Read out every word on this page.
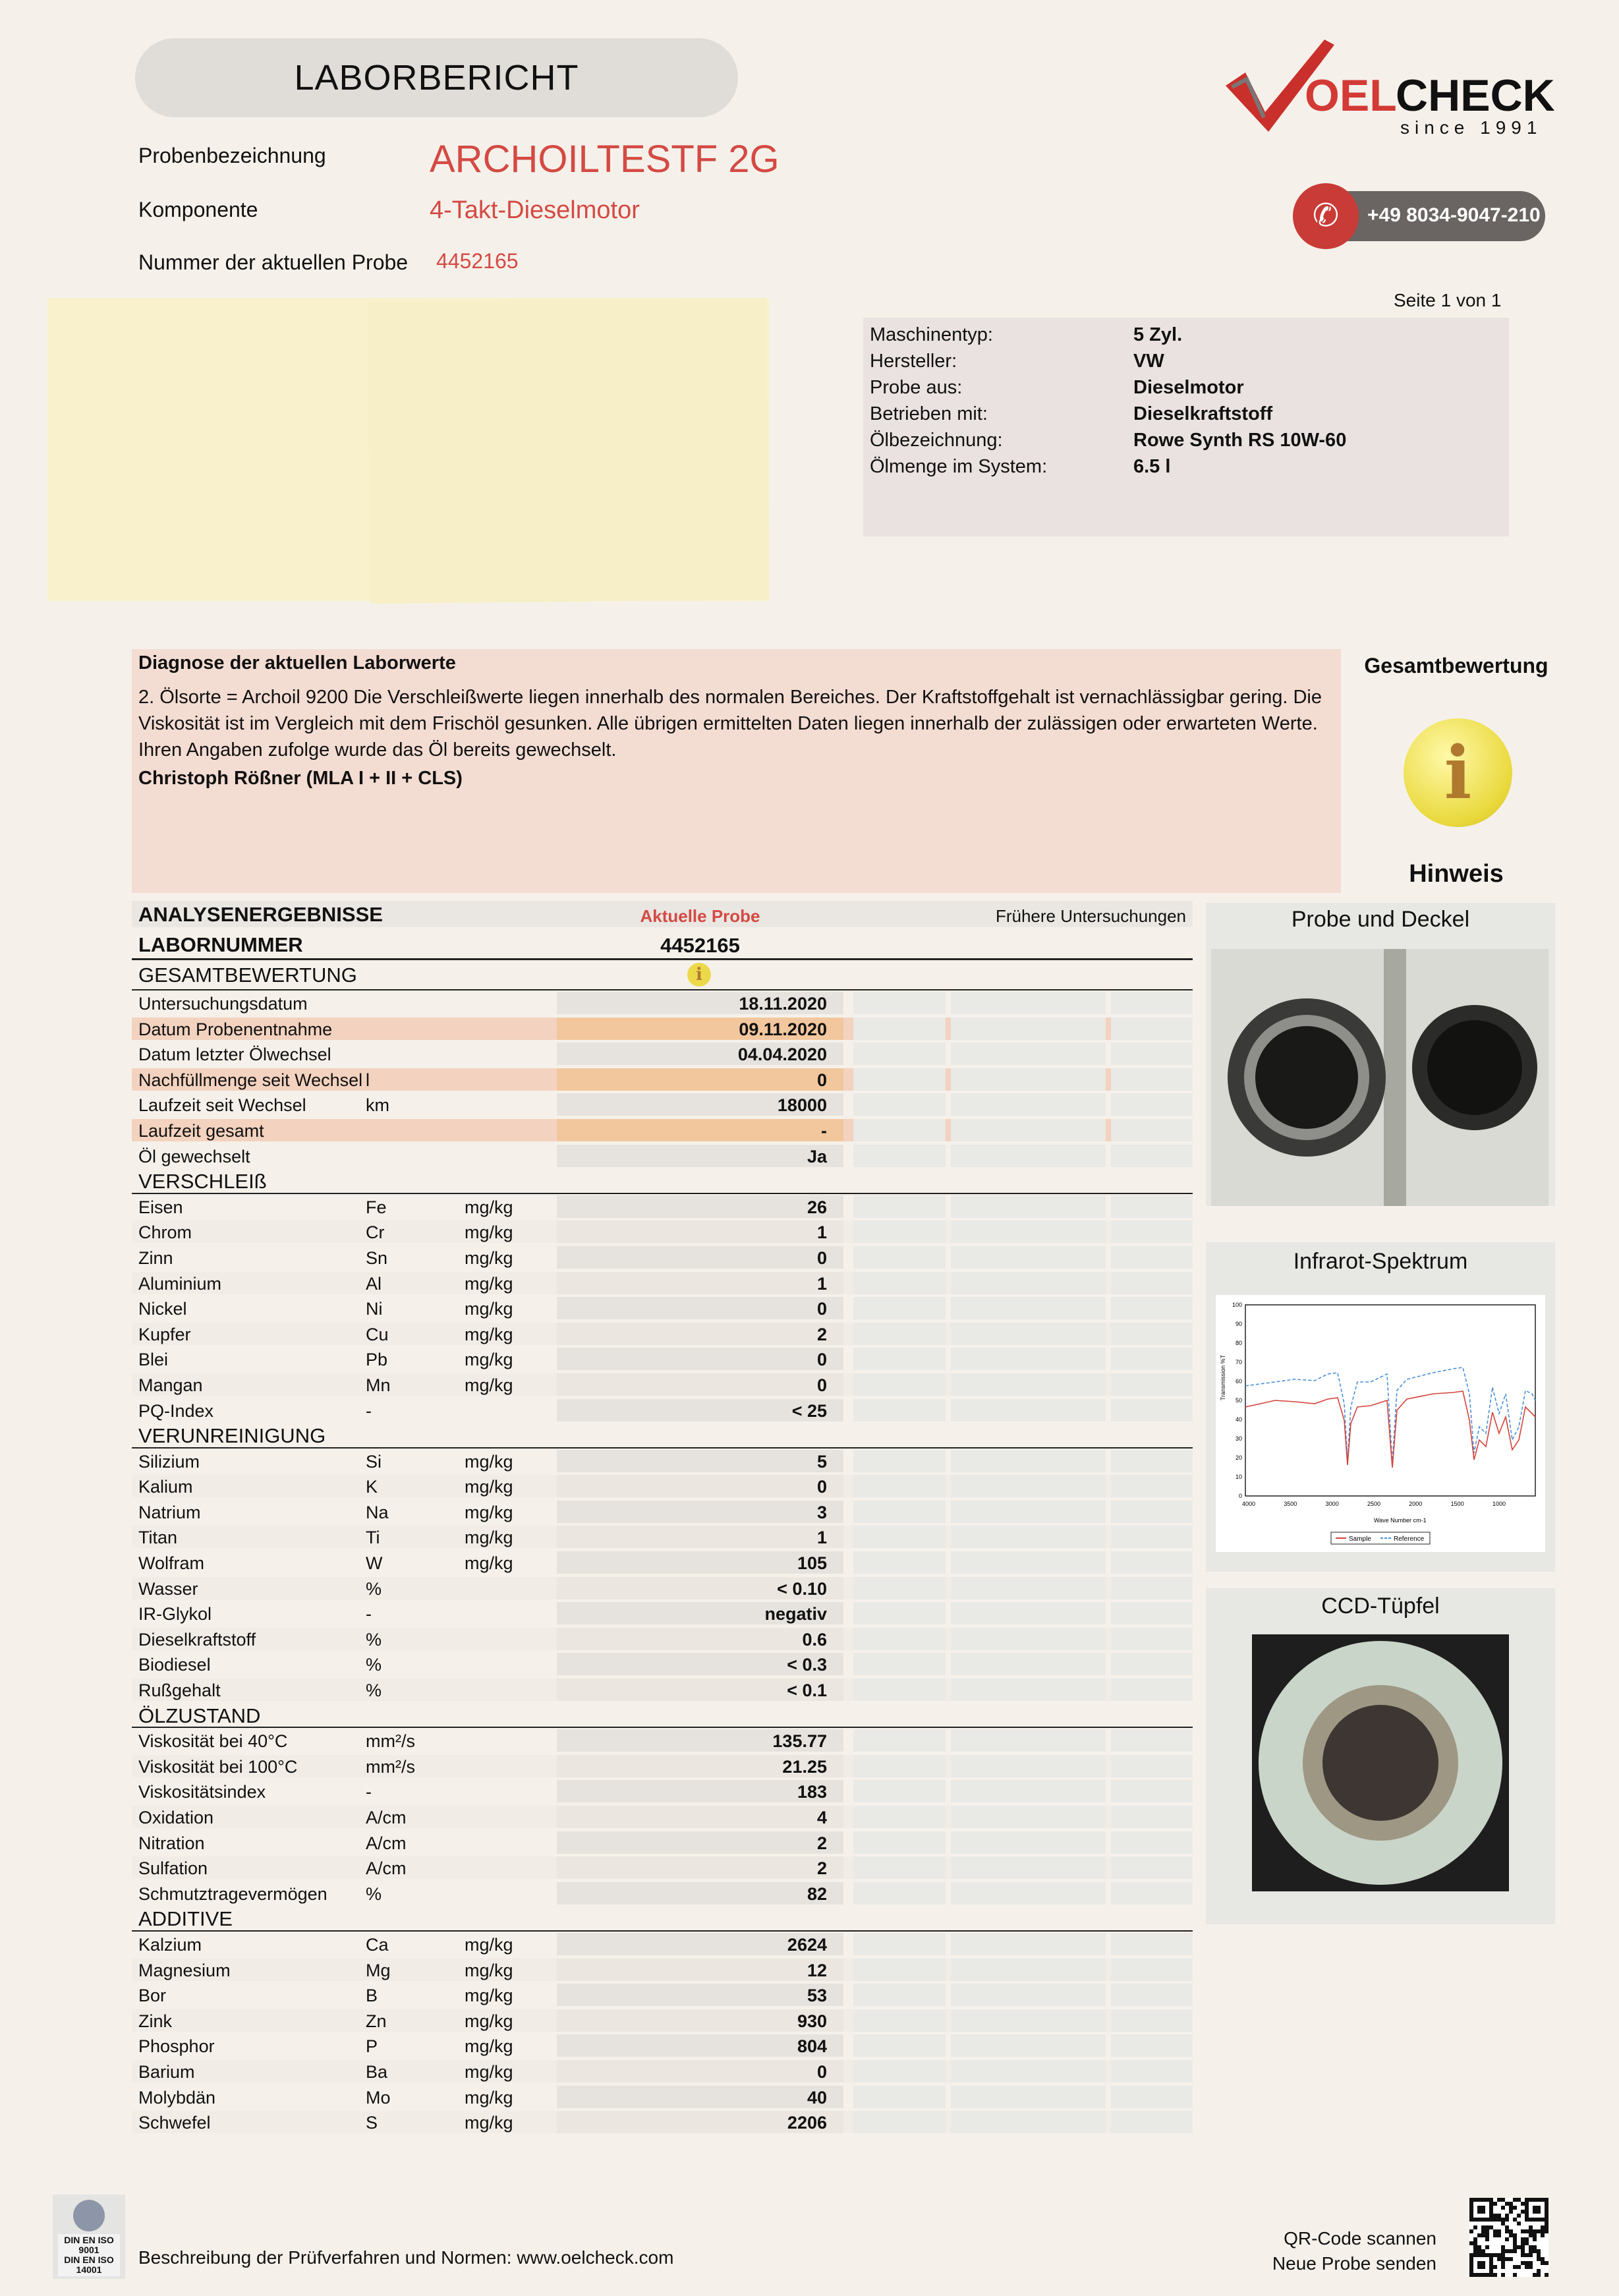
LABORBERICHT
Probenbezeichnung	ARCHOILTESTF 2G
Komponente	4-Takt-Dieselmotor
Nummer der aktuellen Probe 4452165
OEL
CHECK
since 1991
+49 8034-9047-210
✆
Seite 1 von 1
Maschinentyp:	5 Zyl.
Hersteller:	VW
Probe aus:	Dieselmotor
Betrieben mit:	Dieselkraftstoff
Ölbezeichnung:	Rowe Synth RS 10W-60
Ölmenge im System:	6.5 l
Diagnose der aktuellen Laborwerte
2. Ölsorte = Archoil 9200 Die Verschleißwerte liegen innerhalb des normalen Bereiches. Der Kraftstoffgehalt ist vernachlässigbar gering. Die Viskosität ist im Vergleich mit dem Frischöl gesunken. Alle übrigen ermittelten Daten liegen innerhalb der zulässigen oder erwarteten Werte. Ihren Angaben zufolge wurde das Öl bereits gewechselt.
Christoph Rößner (MLA I + II + CLS)
Gesamtbewertung
i
Hinweis
ANALYSENERGEBNISSE	Aktuelle Probe	Frühere Untersuchungen
LABORNUMMER	4452165
GESAMTBEWERTUNG	i
Untersuchungsdatum	18.11.2020
Datum Probenentnahme	09.11.2020
Datum letzter Ölwechsel	04.04.2020
Nachfüllmenge seit Wechsel l	0
Laufzeit seit Wechsel	km	18000
Laufzeit gesamt	-
Öl gewechselt	Ja
VERSCHLEIß
Eisen	Fe	mg/kg	26
Chrom	Cr	mg/kg	1
Zinn	Sn	mg/kg	0
Aluminium	Al	mg/kg	1
Nickel	Ni	mg/kg	0
Kupfer	Cu	mg/kg	2
Blei	Pb	mg/kg	0
Mangan	Mn	mg/kg	0
PQ-Index	-	< 25
VERUNREINIGUNG
Silizium	Si	mg/kg	5
Kalium	K	mg/kg	0
Natrium	Na	mg/kg	3
Titan	Ti	mg/kg	1
Wolfram	W	mg/kg	105
Wasser	%	< 0.10
IR-Glykol	-	negativ
Dieselkraftstoff	%	0.6
Biodiesel	%	< 0.3
Rußgehalt	%	< 0.1
ÖLZUSTAND
Viskosität bei 40°C	mm²/s	135.77
Viskosität bei 100°C	mm²/s	21.25
Viskositätsindex	-	183
Oxidation	A/cm	4
Nitration	A/cm	2
Sulfation	A/cm	2
Schmutztragevermögen %	82
ADDITIVE
Kalzium	Ca	mg/kg	2624
Magnesium	Mg	mg/kg	12
Bor	B	mg/kg	53
Zink	Zn	mg/kg	930
Phosphor	P	mg/kg	804
Barium	Ba	mg/kg	0
Molybdän	Mo	mg/kg	40
Schwefel	S	mg/kg	2206
Probe und Deckel
Infrarot-Spektrum
100
90
80
70
60
50
40
30
20
10
0
4000	3500	3000	2500	2000	1500	1000
Transmission %T
Wave Number cm-1
Sample	Reference
CCD-Tüpfel
DIN EN ISO
9001
DIN EN ISO
14001
Beschreibung der Prüfverfahren und Normen: www.oelcheck.com
QR-Code scannen
Neue Probe senden
